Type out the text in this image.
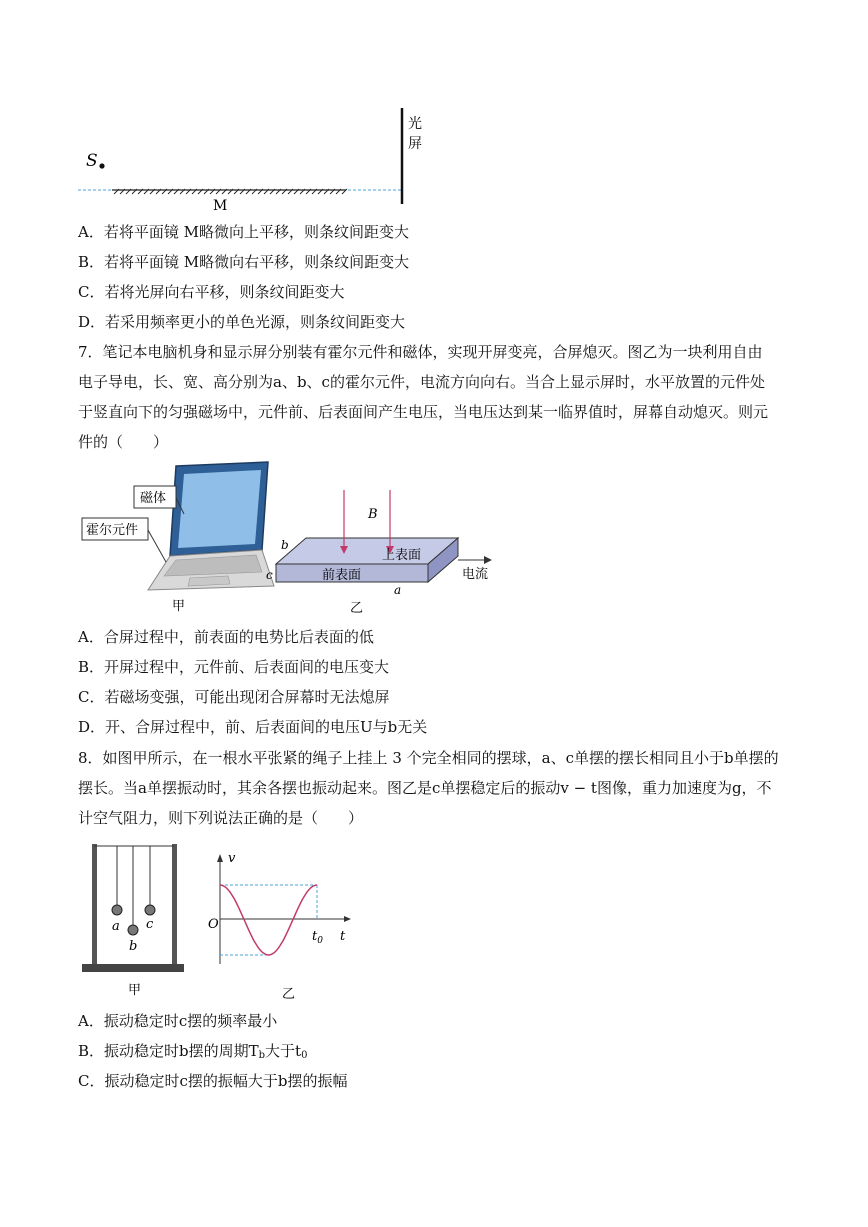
S
M
光
屏
A．若将平面镜 M略微向上平移，则条纹间距变大
B．若将平面镜 M略微向右平移，则条纹间距变大
C．若将光屏向右平移，则条纹间距变大
D．若采用频率更小的单色光源，则条纹间距变大
7．笔记本电脑机身和显示屏分别装有霍尔元件和磁体，实现开屏变亮，合屏熄灭。图乙为一块利用自由
电子导电，长、宽、高分别为a、b、c的霍尔元件，电流方向向右。当合上显示屏时，水平放置的元件处
于竖直向下的匀强磁场中，元件前、后表面间产生电压，当电压达到某一临界值时，屏幕自动熄灭。则元
件的（　　）
磁体
霍尔元件
甲
B
上表面
前表面	电流
a
b
c
乙
A．合屏过程中，前表面的电势比后表面的低
B．开屏过程中，元件前、后表面间的电压变大
C．若磁场变强，可能出现闭合屏幕时无法熄屏
D．开、合屏过程中，前、后表面间的电压U与b无关
8．如图甲所示，在一根水平张紧的绳子上挂上 3 个完全相同的摆球，a、c单摆的摆长相同且小于b单摆的
摆长。当a单摆振动时，其余各摆也振动起来。图乙是c单摆稳定后的振动v − t图像，重力加速度为g，不
计空气阻力，则下列说法正确的是（　　）
a
b
c
甲
v
O
$t_0$ t
乙
A．振动稳定时c摆的频率最小
B．振动稳定时b摆的周期$T_b$大于$t_0$
C．振动稳定时c摆的振幅大于b摆的振幅
